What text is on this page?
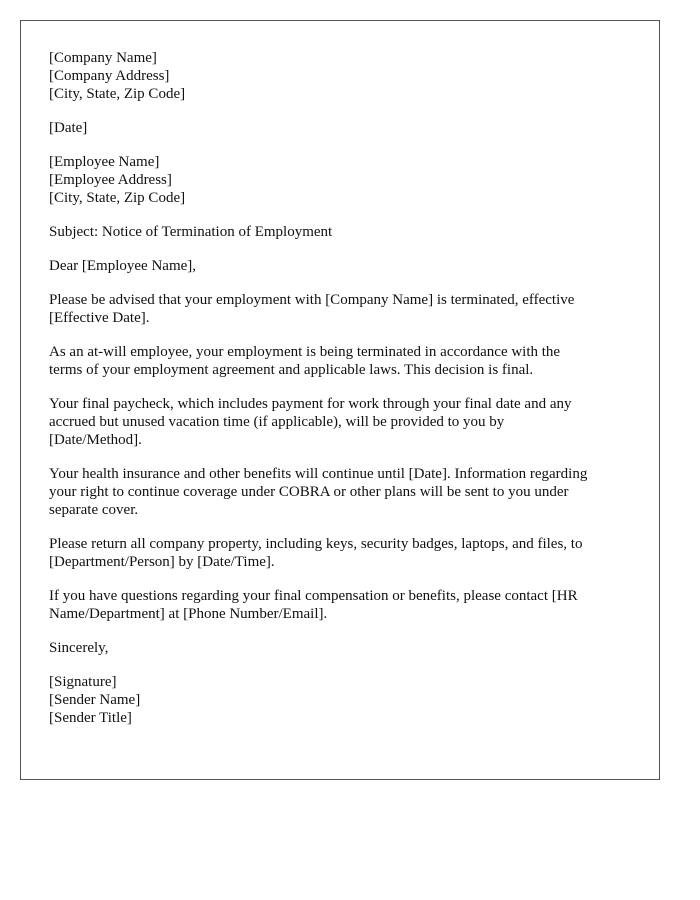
[Company Name]
[Company Address]
[City, State, Zip Code]
[Date]
[Employee Name]
[Employee Address]
[City, State, Zip Code]
Subject: Notice of Termination of Employment
Dear [Employee Name],
Please be advised that your employment with [Company Name] is terminated, effective
[Effective Date].
As an at-will employee, your employment is being terminated in accordance with the
terms of your employment agreement and applicable laws. This decision is final.
Your final paycheck, which includes payment for work through your final date and any
accrued but unused vacation time (if applicable), will be provided to you by
[Date/Method].
Your health insurance and other benefits will continue until [Date]. Information regarding
your right to continue coverage under COBRA or other plans will be sent to you under
separate cover.
Please return all company property, including keys, security badges, laptops, and files, to
[Department/Person] by [Date/Time].
If you have questions regarding your final compensation or benefits, please contact [HR
Name/Department] at [Phone Number/Email].
Sincerely,
[Signature]
[Sender Name]
[Sender Title]
